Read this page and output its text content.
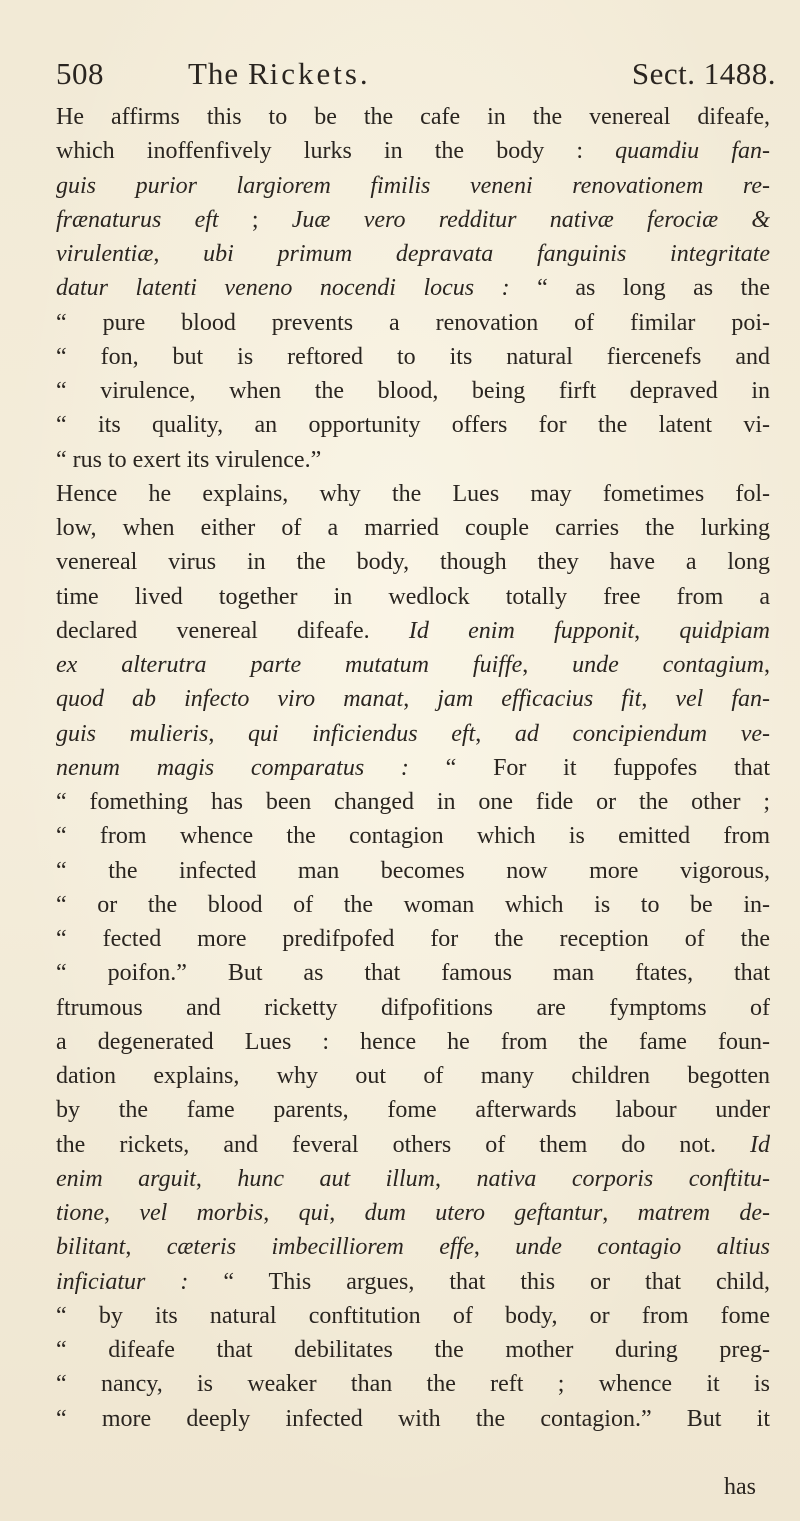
508	The Rickets.	Sect. 1488.
He affirms this to be the cafe in the venereal difeafe,
which inoffenfively lurks in the body : quamdiu fan-
guis purior largiorem fimilis veneni renovationem re-
frænaturus eft ; Juæ vero redditur nativæ ferociæ &
virulentiæ, ubi primum depravata fanguinis integritate
datur latenti veneno nocendi locus : “ as long as the
“ pure blood prevents a renovation of fimilar poi-
“ fon, but is reftored to its natural fiercenefs and
“ virulence, when the blood, being firft depraved in
“ its quality, an opportunity offers for the latent vi-
“ rus to exert its virulence.”
Hence he explains, why the Lues may fometimes fol-
low, when either of a married couple carries the lurking
venereal virus in the body, though they have a long
time lived together in wedlock totally free from a
declared venereal difeafe. Id enim fupponit, quidpiam
ex alterutra parte mutatum fuiffe, unde contagium,
quod ab infecto viro manat, jam efficacius fit, vel fan-
guis mulieris, qui inficiendus eft, ad concipiendum ve-
nenum magis comparatus : “ For it fuppofes that
“ fomething has been changed in one fide or the other ;
“ from whence the contagion which is emitted from
“ the infected man becomes now more vigorous,
“ or the blood of the woman which is to be in-
“ fected more predifpofed for the reception of the
“ poifon.” But as that famous man ftates, that
ftrumous and ricketty difpofitions are fymptoms of
a degenerated Lues : hence he from the fame foun-
dation explains, why out of many children begotten
by the fame parents, fome afterwards labour under
the rickets, and feveral others of them do not. Id
enim arguit, hunc aut illum, nativa corporis conftitu-
tione, vel morbis, qui, dum utero geftantur, matrem de-
bilitant, cæteris imbecilliorem effe, unde contagio altius
inficiatur : “ This argues, that this or that child,
“ by its natural conftitution of body, or from fome
“ difeafe that debilitates the mother during preg-
“ nancy, is weaker than the reft ; whence it is
“ more deeply infected with the contagion.” But it
has
